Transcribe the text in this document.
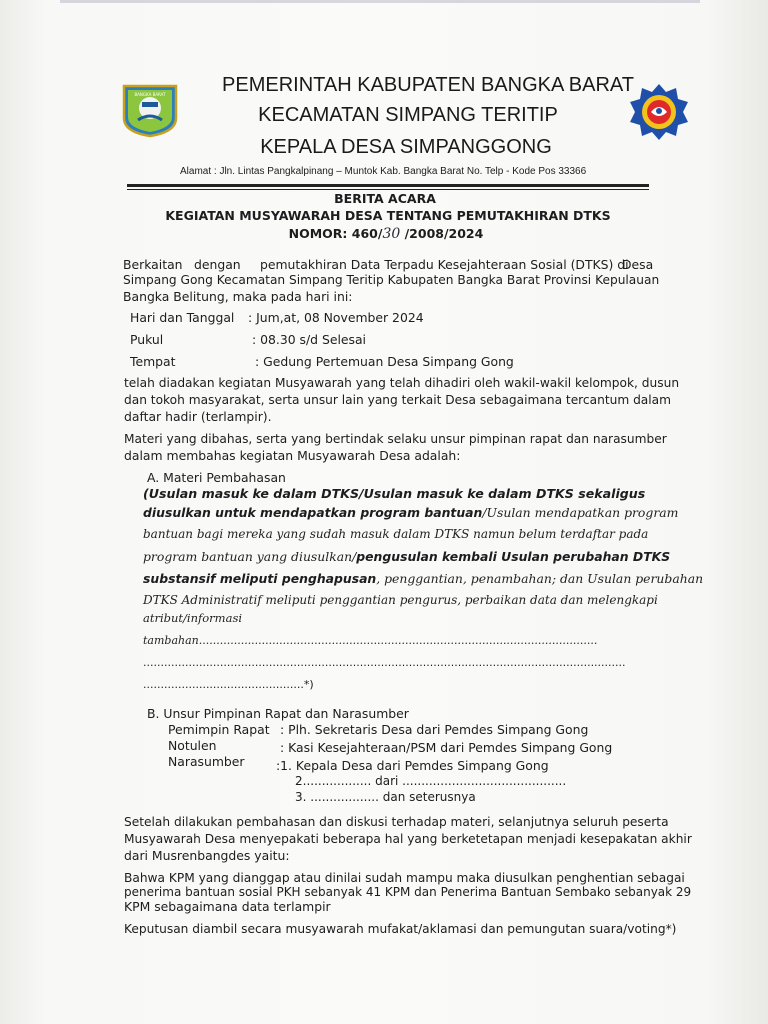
BANGKA BARAT	PEMERINTAH KABUPATEN BANGKA BARAT
KECAMATAN SIMPANG TERITIP
KEPALA DESA SIMPANGGONG
Alamat : Jln. Lintas Pangkalpinang – Muntok Kab. Bangka Barat No. Telp - Kode Pos 33366
BERITA ACARA
KEGIATAN MUSYAWARAH DESA TENTANG PEMUTAKHIRAN DTKS
NOMOR: 460/30 /2008/2024
Berkaitan dengan pemutakhiran Data Terpadu Kesejahteraan Sosial (DTKS) di
Desa
Simpang Gong Kecamatan Simpang Teritip Kabupaten Bangka Barat Provinsi Kepulauan
Bangka Belitung, maka pada hari ini:
Hari dan Tanggal : Jum,at, 08 November 2024
Pukul	: 08.30 s/d Selesai
Tempat	: Gedung Pertemuan Desa Simpang Gong
telah diadakan kegiatan Musyawarah yang telah dihadiri oleh wakil-wakil kelompok, dusun
dan tokoh masyarakat, serta unsur lain yang terkait Desa sebagaimana tercantum dalam
daftar hadir (terlampir).
Materi yang dibahas, serta yang bertindak selaku unsur pimpinan rapat dan narasumber
dalam membahas kegiatan Musyawarah Desa adalah:
A. Materi Pembahasan
(Usulan masuk ke dalam DTKS/Usulan masuk ke dalam DTKS sekaligus
diusulkan untuk mendapatkan program bantuan/Usulan mendapatkan program
bantuan bagi mereka yang sudah masuk dalam DTKS namun belum terdaftar pada
program bantuan yang diusulkan/pengusulan kembali Usulan perubahan DTKS
substansif meliputi penghapusan, penggantian, penambahan; dan Usulan perubahan
DTKS Administratif meliputi penggantian pengurus, perbaikan data dan melengkapi
atribut/informasi
tambahan..................................................................................................................
..........................................................................................................................................
..............................................*)
B. Unsur Pimpinan Rapat dan Narasumber
Pemimpin Rapat : Plh. Sekretaris Desa dari Pemdes Simpang Gong
Notulen	: Kasi Kesejahteraan/PSM dari Pemdes Simpang Gong
Narasumber	:1. Kepala Desa dari Pemdes Simpang Gong
2.................. dari ...........................................
3. .................. dan seterusnya
Setelah dilakukan pembahasan dan diskusi terhadap materi, selanjutnya seluruh peserta
Musyawarah Desa menyepakati beberapa hal yang berketetapan menjadi kesepakatan akhir
dari Musrenbangdes yaitu:
Bahwa KPM yang dianggap atau dinilai sudah mampu maka diusulkan penghentian sebagai
penerima bantuan sosial PKH sebanyak 41 KPM dan Penerima Bantuan Sembako sebanyak 29
KPM sebagaimana data terlampir
Keputusan diambil secara musyawarah mufakat/aklamasi dan pemungutan suara/voting*)
